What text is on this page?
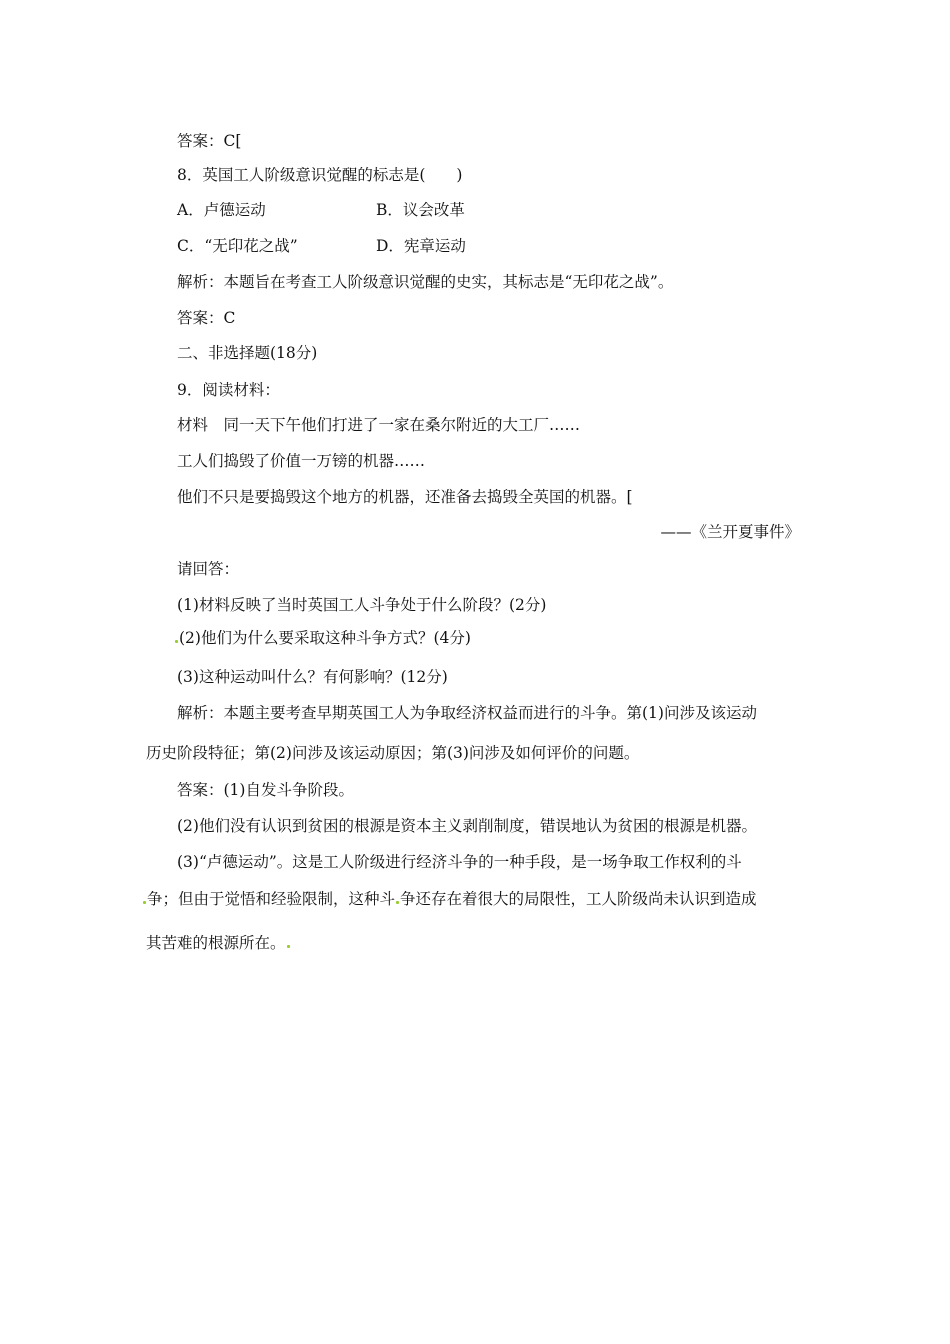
答案：C[
8．英国工人阶级意识觉醒的标志是(　　)
A．卢德运动	B．议会改革
C．“无印花之战”	D．宪章运动
解析：本题旨在考查工人阶级意识觉醒的史实，其标志是“无印花之战”。
答案：C
二、非选择题(18分)
9．阅读材料：
材料　同一天下午他们打进了一家在桑尔附近的大工厂……
工人们捣毁了价值一万镑的机器……
他们不只是要捣毁这个地方的机器，还准备去捣毁全英国的机器。[
——《兰开夏事件》
请回答：
(1)材料反映了当时英国工人斗争处于什么阶段？(2分)
(2)他们为什么要采取这种斗争方式？(4分)
(3)这种运动叫什么？有何影响？(12分)
解析：本题主要考查早期英国工人为争取经济权益而进行的斗争。第(1)问涉及该运动
历史阶段特征；第(2)问涉及该运动原因；第(3)问涉及如何评价的问题。
答案：(1)自发斗争阶段。
(2)他们没有认识到贫困的根源是资本主义剥削制度，错误地认为贫困的根源是机器。
(3)“卢德运动”。这是工人阶级进行经济斗争的一种手段，是一场争取工作权利的斗
争；但由于觉悟和经验限制，这种斗 争还存在着很大的局限性，工人阶级尚未认识到造成
其苦难的根源所在。
